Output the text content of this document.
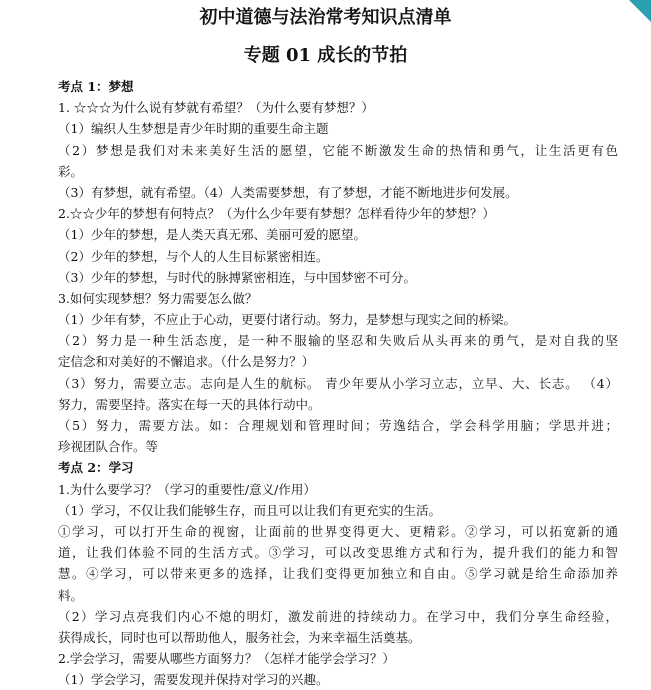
初中道德与法治常考知识点清单
专题 01 成长的节拍
考点 1：梦想
1. ☆☆☆为什么说有梦就有希望？（为什么要有梦想？）
（1）编织人生梦想是青少年时期的重要生命主题
（2）梦想是我们对未来美好生活的愿望，它能不断激发生命的热情和勇气，让生活更有色
彩。
（3）有梦想，就有希望。（4）人类需要梦想，有了梦想，才能不断地进步何发展。
2.☆☆少年的梦想有何特点？（为什么少年要有梦想？怎样看待少年的梦想？）
（1）少年的梦想，是人类天真无邪、美丽可爱的愿望。
（2）少年的梦想，与个人的人生目标紧密相连。
（3）少年的梦想，与时代的脉搏紧密相连，与中国梦密不可分。
3.如何实现梦想？努力需要怎么做？
（1）少年有梦，不应止于心动，更要付诸行动。努力，是梦想与现实之间的桥梁。
（2）努力是一种生活态度，是一种不服输的坚忍和失败后从头再来的勇气，是对自我的坚
定信念和对美好的不懈追求。（什么是努力？）
（3）努力，需要立志。志向是人生的航标。 青少年要从小学习立志，立早、大、长志。 （4）
努力，需要坚持。落实在每一天的具体行动中。
（5）努力，需要方法。如：合理规划和管理时间；劳逸结合，学会科学用脑；学思并进；
珍视团队合作。等
考点 2：学习
1.为什么要学习？（学习的重要性/意义/作用）
（1）学习，不仅让我们能够生存，而且可以让我们有更充实的生活。
①学习，可以打开生命的视窗，让面前的世界变得更大、更精彩。②学习，可以拓宽新的通
道，让我们体验不同的生活方式。③学习，可以改变思维方式和行为，提升我们的能力和智
慧。④学习，可以带来更多的选择，让我们变得更加独立和自由。⑤学习就是给生命添加养
料。
（2）学习点亮我们内心不熄的明灯，激发前进的持续动力。在学习中，我们分享生命经验，
获得成长，同时也可以帮助他人，服务社会，为来幸福生活奠基。
2.学会学习，需要从哪些方面努力？（怎样才能学会学习？）
（1）学会学习，需要发现并保持对学习的兴趣。
